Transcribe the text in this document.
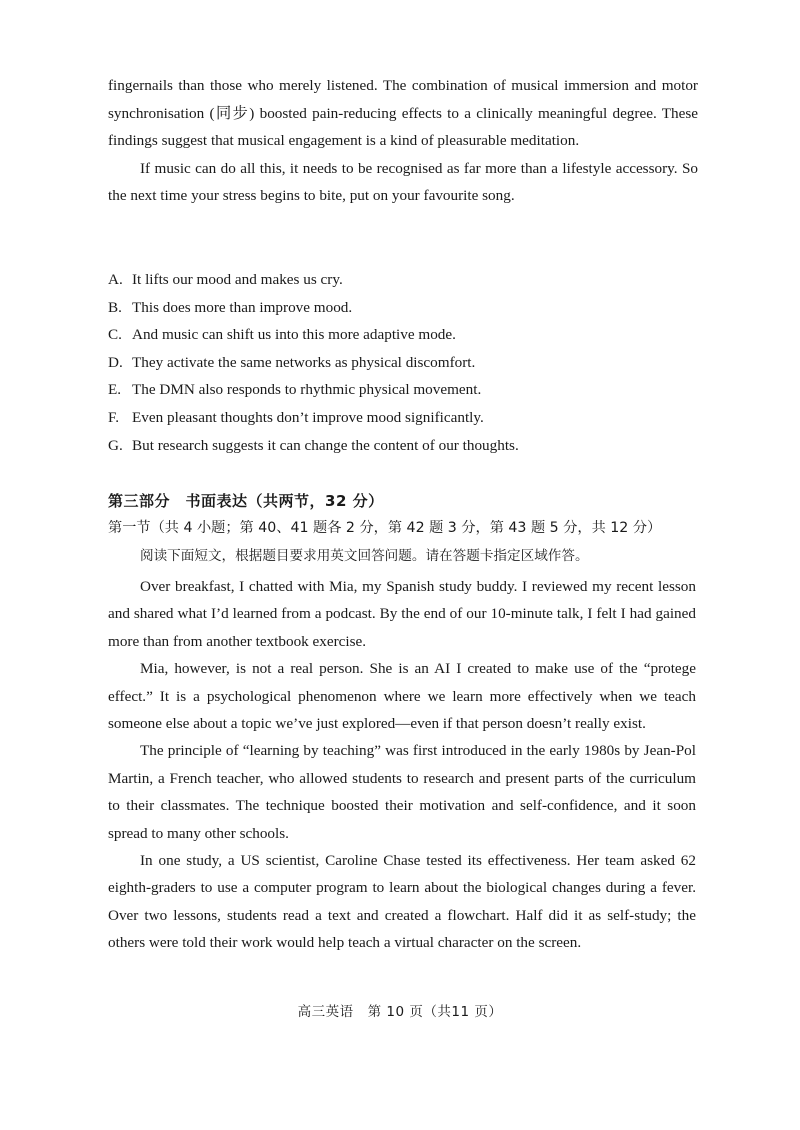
fingernails than those who merely listened. The combination of musical immersion and motor synchronisation (同步) boosted pain-reducing effects to a clinically meaningful degree. These findings suggest that musical engagement is a kind of pleasurable meditation.

If music can do all this, it needs to be recognised as far more than a lifestyle accessory. So the next time your stress begins to bite, put on your favourite song.

A. It lifts our mood and makes us cry.
B. This does more than improve mood.
C. And music can shift us into this more adaptive mode.
D. They activate the same networks as physical discomfort.
E. The DMN also responds to rhythmic physical movement.
F. Even pleasant thoughts don’t improve mood significantly.
G. But research suggests it can change the content of our thoughts.
第三部分　书面表达（共两节，32 分）
第一节（共 4 小题；第 40、41 题各 2 分，第 42 题 3 分，第 43 题 5 分，共 12 分）
阅读下面短文，根据题目要求用英文回答问题。请在答题卡指定区域作答。

Over breakfast, I chatted with Mia, my Spanish study buddy. I reviewed my recent lesson and shared what I’d learned from a podcast. By the end of our 10-minute talk, I felt I had gained more than from another textbook exercise.

Mia, however, is not a real person. She is an AI I created to make use of the “protege effect.” It is a psychological phenomenon where we learn more effectively when we teach someone else about a topic we’ve just explored—even if that person doesn’t really exist.

The principle of “learning by teaching” was first introduced in the early 1980s by Jean-Pol Martin, a French teacher, who allowed students to research and present parts of the curriculum to their classmates. The technique boosted their motivation and self-confidence, and it soon spread to many other schools.

In one study, a US scientist, Caroline Chase tested its effectiveness. Her team asked 62 eighth-graders to use a computer program to learn about the biological changes during a fever. Over two lessons, students read a text and created a flowchart. Half did it as self-study; the others were told their work would help teach a virtual character on the screen.

高三英语　第 10 页（共11 页）
